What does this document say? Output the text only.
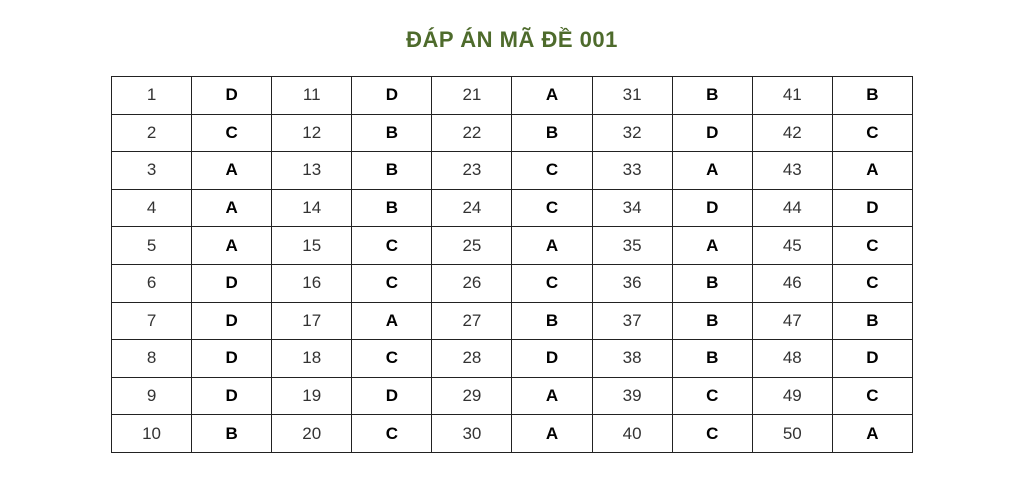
ĐÁP ÁN MÃ ĐỀ 001
1	D	11	D	21	A	31	B	41	B
2	C	12	B	22	B	32	D	42	C
3	A	13	B	23	C	33	A	43	A
4	A	14	B	24	C	34	D	44	D
5	A	15	C	25	A	35	A	45	C
6	D	16	C	26	C	36	B	46	C
7	D	17	A	27	B	37	B	47	B
8	D	18	C	28	D	38	B	48	D
9	D	19	D	29	A	39	C	49	C
10	B	20	C	30	A	40	C	50	A
